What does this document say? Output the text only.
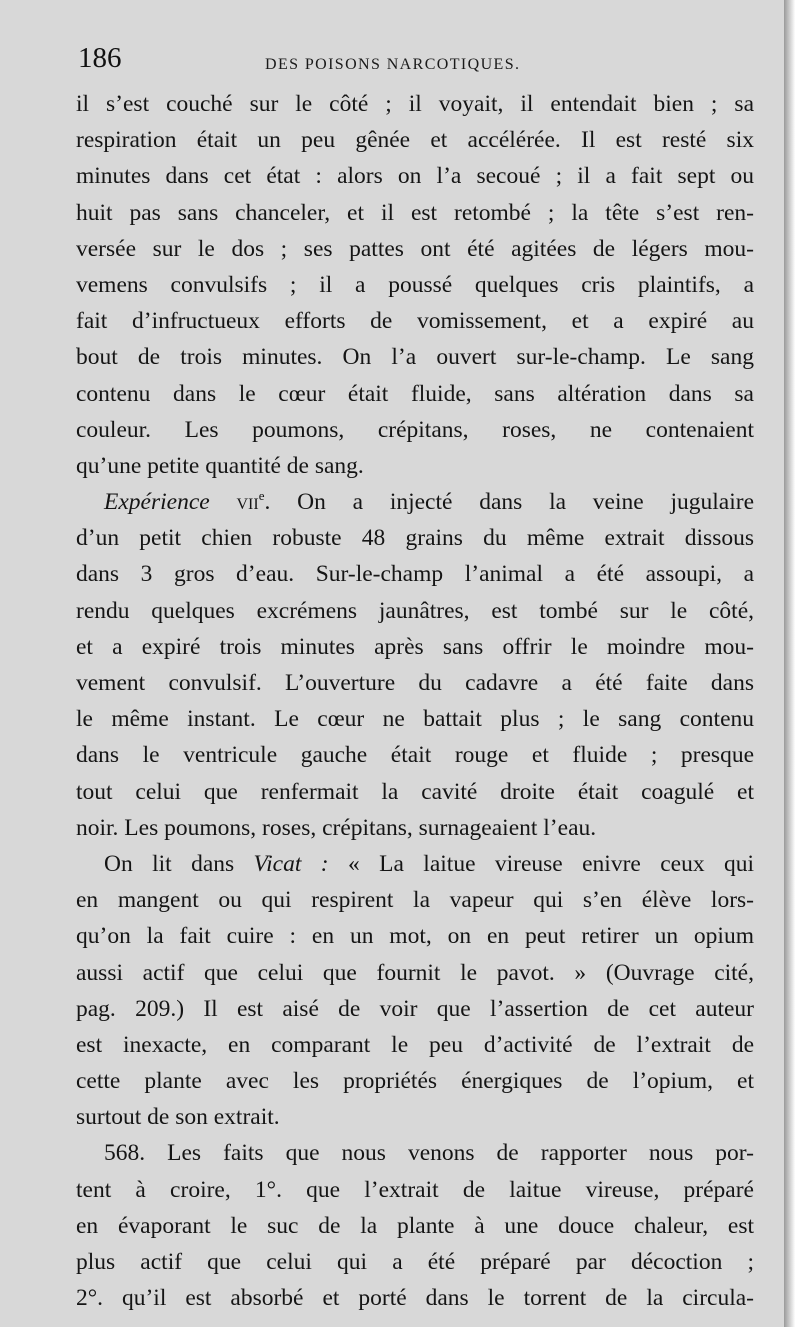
186	DES POISONS NARCOTIQUES.
il s’est couché sur le côté ; il voyait, il entendait bien ; sa
respiration était un peu gênée et accélérée. Il est resté six
minutes dans cet état : alors on l’a secoué ; il a fait sept ou
huit pas sans chanceler, et il est retombé ; la tête s’est ren-
versée sur le dos ; ses pattes ont été agitées de légers mou-
vemens convulsifs ; il a poussé quelques cris plaintifs, a
fait d’infructueux efforts de vomissement, et a expiré au
bout de trois minutes. On l’a ouvert sur-le-champ. Le sang
contenu dans le cœur était fluide, sans altération dans sa
couleur. Les poumons, crépitans, roses, ne contenaient
qu’une petite quantité de sang.
Expérience vii$^e$. On a injecté dans la veine jugulaire
d’un petit chien robuste 48 grains du même extrait dissous
dans 3 gros d’eau. Sur-le-champ l’animal a été assoupi, a
rendu quelques excrémens jaunâtres, est tombé sur le côté,
et a expiré trois minutes après sans offrir le moindre mou-
vement convulsif. L’ouverture du cadavre a été faite dans
le même instant. Le cœur ne battait plus ; le sang contenu
dans le ventricule gauche était rouge et fluide ; presque
tout celui que renfermait la cavité droite était coagulé et
noir. Les poumons, roses, crépitans, surnageaient l’eau.
On lit dans Vicat : « La laitue vireuse enivre ceux qui
en mangent ou qui respirent la vapeur qui s’en élève lors-
qu’on la fait cuire : en un mot, on en peut retirer un opium
aussi actif que celui que fournit le pavot. » (Ouvrage cité,
pag. 209.) Il est aisé de voir que l’assertion de cet auteur
est inexacte, en comparant le peu d’activité de l’extrait de
cette plante avec les propriétés énergiques de l’opium, et
surtout de son extrait.
568. Les faits que nous venons de rapporter nous por-
tent à croire, 1°. que l’extrait de laitue vireuse, préparé
en évaporant le suc de la plante à une douce chaleur, est
plus actif que celui qui a été préparé par décoction ;
2°. qu’il est absorbé et porté dans le torrent de la circula-
